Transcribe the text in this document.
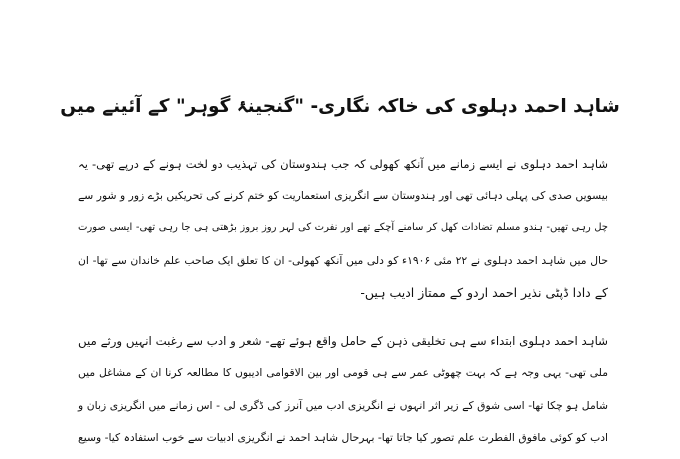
شاہد احمد دہلوی کی خاکہ نگاری- "گنجینۂ گوہر" کے آئینے میں
شاہد احمد دہلوی نے ایسے زمانے میں آنکھ کھولی کہ جب ہندوستان کی تہذیب دو لخت ہونے کے درپے تھی- یہ
بیسویں صدی کی پہلی دہائی تھی اور ہندوستان سے انگریزی استعماریت کو ختم کرنے کی تحریکیں بڑے زور و شور سے
چل رہی تھیں- ہندو مسلم تضادات کھل کر سامنے آچکے تھے اور نفرت کی لہر روز بروز بڑھتی ہی جا رہی تھی- ایسی صورت
حال میں شاہد احمد دہلوی نے ۲۲ مئی ۱۹۰۶ء کو دلی میں آنکھ کھولی- ان کا تعلق ایک صاحب علم خاندان سے تھا- ان
کے دادا ڈپٹی نذیر احمد اردو کے ممتاز ادیب ہیں-
شاہد احمد دہلوی ابتداء سے ہی تخلیقی ذہن کے حامل واقع ہوئے تھے- شعر و ادب سے رغبت انہیں ورثے میں
ملی تھی- یہی وجہ ہے کہ بہت چھوٹی عمر سے ہی قومی اور بین الاقوامی ادیبوں کا مطالعہ کرنا ان کے مشاغل میں
شامل ہو چکا تھا- اسی شوق کے زیر اثر انہوں نے انگریزی ادب میں آنرز کی ڈگری لی - اس زمانے میں انگریزی زبان و
ادب کو کوئی مافوق الفطرت علم تصور کیا جاتا تھا- بہرحال شاہد احمد نے انگریزی ادبیات سے خوب استفادہ کیا- وسیع
